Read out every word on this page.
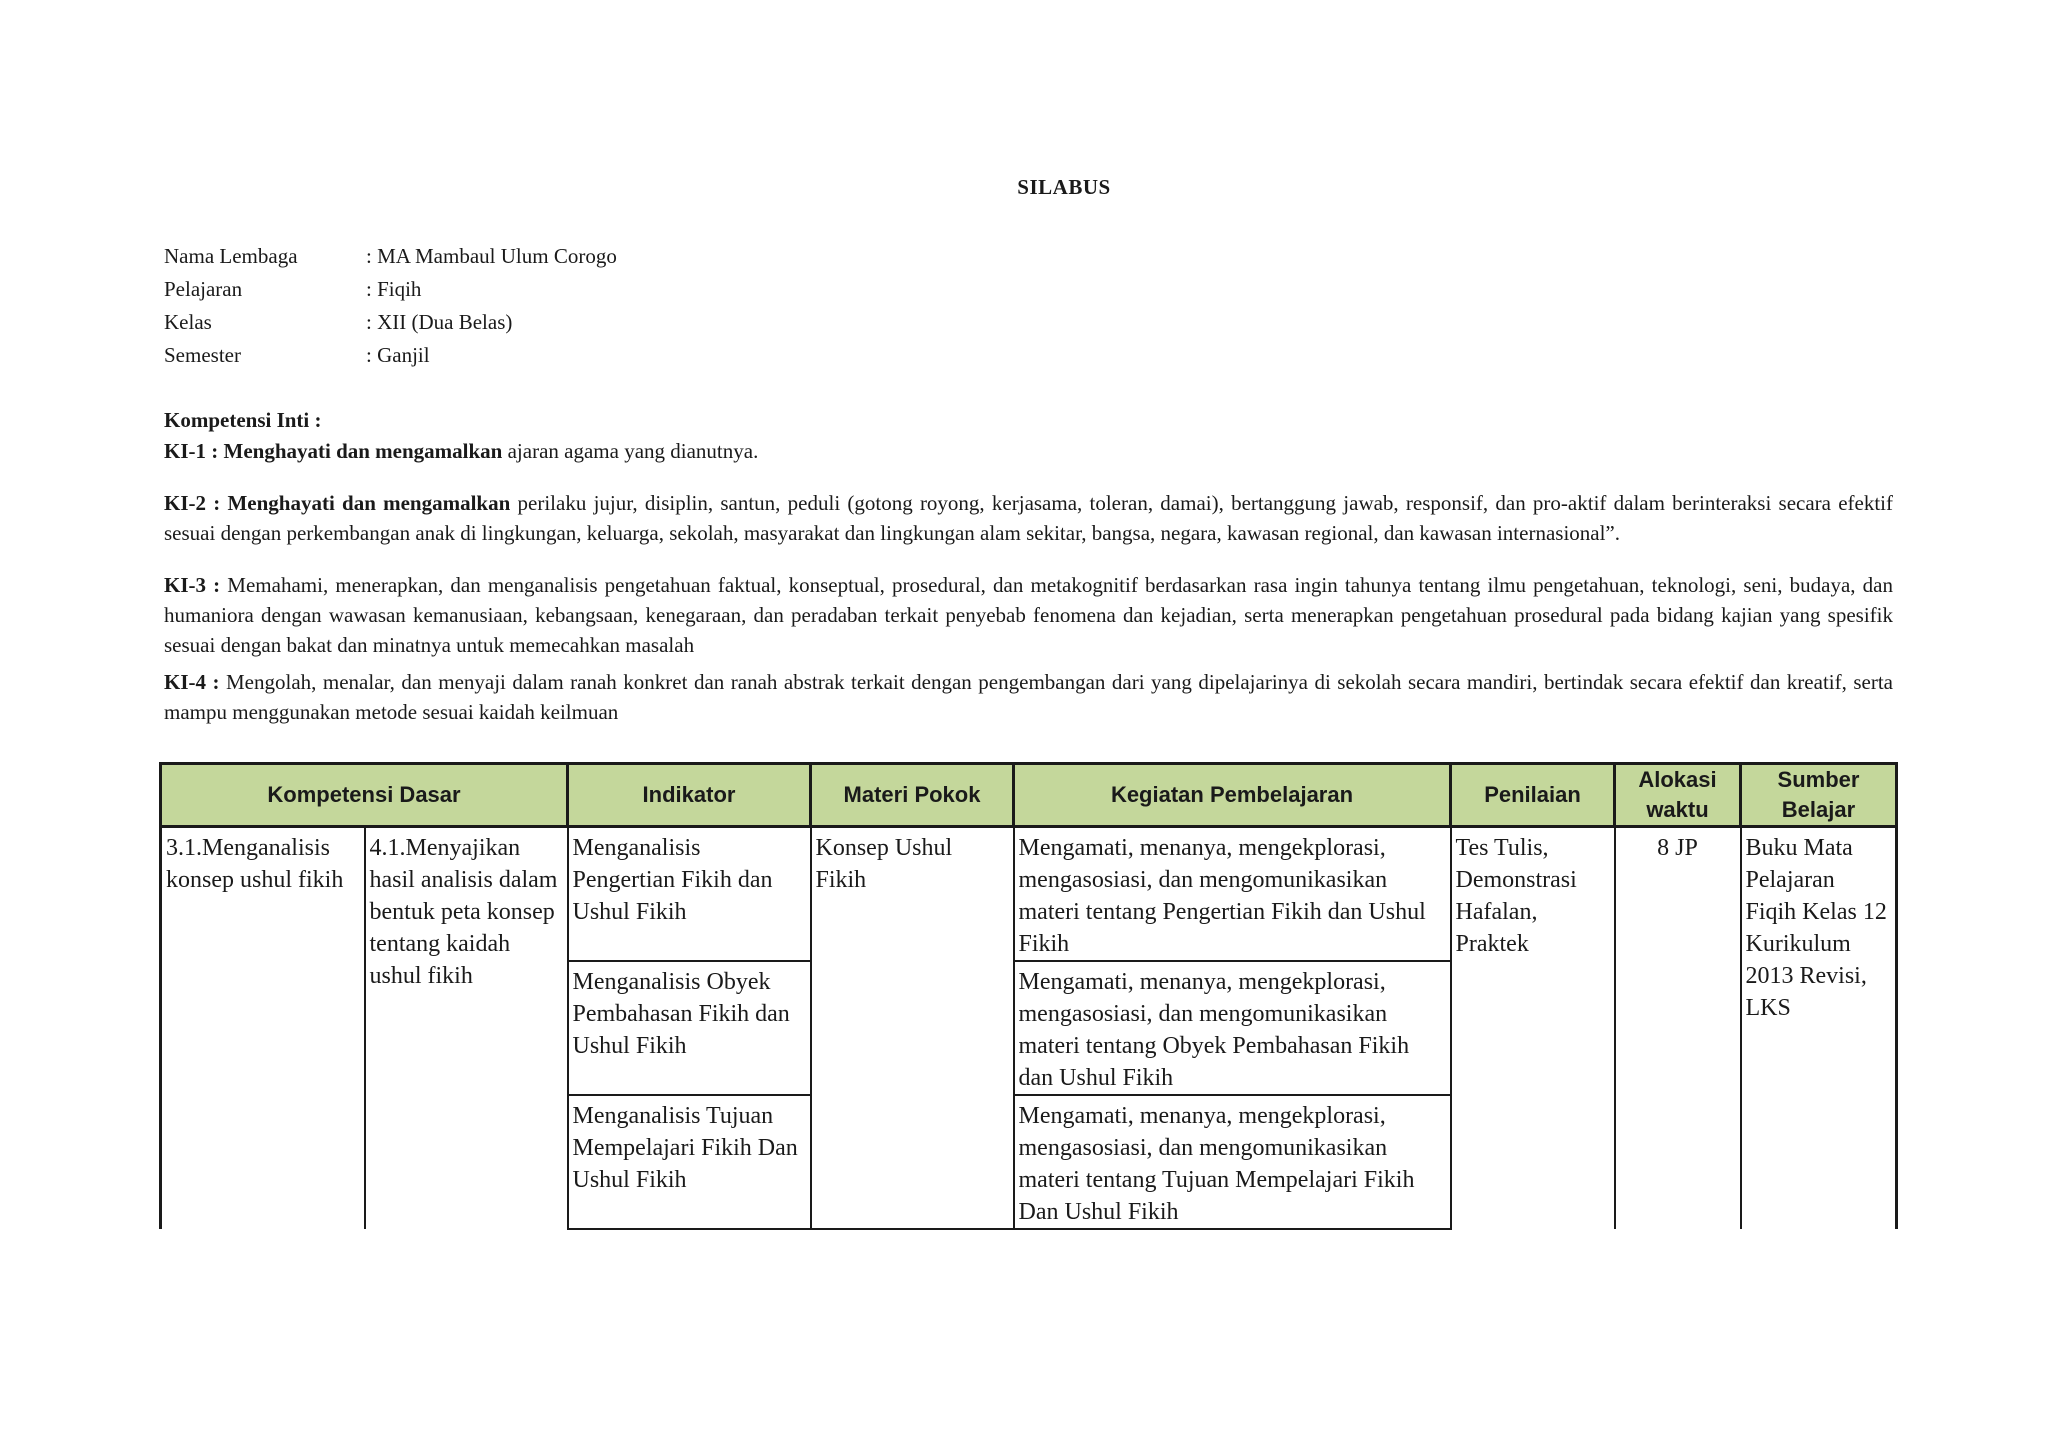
SILABUS
Nama Lembaga	: MA Mambaul Ulum Corogo
Pelajaran	: Fiqih
Kelas	: XII (Dua Belas)
Semester	: Ganjil
Kompetensi Inti :
KI-1 : Menghayati dan mengamalkan ajaran agama yang dianutnya.
KI-2 : Menghayati dan mengamalkan perilaku jujur, disiplin, santun, peduli (gotong royong, kerjasama, toleran, damai), bertanggung jawab, responsif, dan pro-aktif dalam berinteraksi secara efektif sesuai dengan perkembangan anak di lingkungan, keluarga, sekolah, masyarakat dan lingkungan alam sekitar, bangsa, negara, kawasan regional, dan kawasan internasional”.
KI-3 : Memahami, menerapkan, dan menganalisis pengetahuan faktual, konseptual, prosedural, dan metakognitif berdasarkan rasa ingin tahunya tentang ilmu pengetahuan, teknologi, seni, budaya, dan humaniora dengan wawasan kemanusiaan, kebangsaan, kenegaraan, dan peradaban terkait penyebab fenomena dan kejadian, serta menerapkan pengetahuan prosedural pada bidang kajian yang spesifik sesuai dengan bakat dan minatnya untuk memecahkan masalah
KI-4 : Mengolah, menalar, dan menyaji dalam ranah konkret dan ranah abstrak terkait dengan pengembangan dari yang dipelajarinya di sekolah secara mandiri, bertindak secara efektif dan kreatif, serta mampu menggunakan metode sesuai kaidah keilmuan
Kompetensi Dasar		Indikator	Materi Pokok	Kegiatan Pembelajaran	Penilaian	Alokasi waktu	Sumber Belajar
3.1.Menganalisis konsep ushul fikih	4.1.Menyajikan hasil analisis dalam bentuk peta konsep tentang kaidah ushul fikih	Menganalisis Pengertian Fikih dan Ushul Fikih	Konsep Ushul Fikih	Mengamati, menanya, mengekplorasi, mengasosiasi, dan mengomunikasikan materi tentang Pengertian Fikih dan Ushul Fikih	Tes Tulis, Demonstrasi Hafalan, Praktek	8 JP	Buku Mata Pelajaran Fiqih Kelas 12 Kurikulum 2013 Revisi, LKS
		Menganalisis Obyek Pembahasan Fikih dan Ushul Fikih		Mengamati, menanya, mengekplorasi, mengasosiasi, dan mengomunikasikan materi tentang Obyek Pembahasan Fikih dan Ushul Fikih			
		Menganalisis Tujuan Mempelajari Fikih Dan Ushul Fikih		Mengamati, menanya, mengekplorasi, mengasosiasi, dan mengomunikasikan materi tentang Tujuan Mempelajari Fikih Dan Ushul Fikih			
